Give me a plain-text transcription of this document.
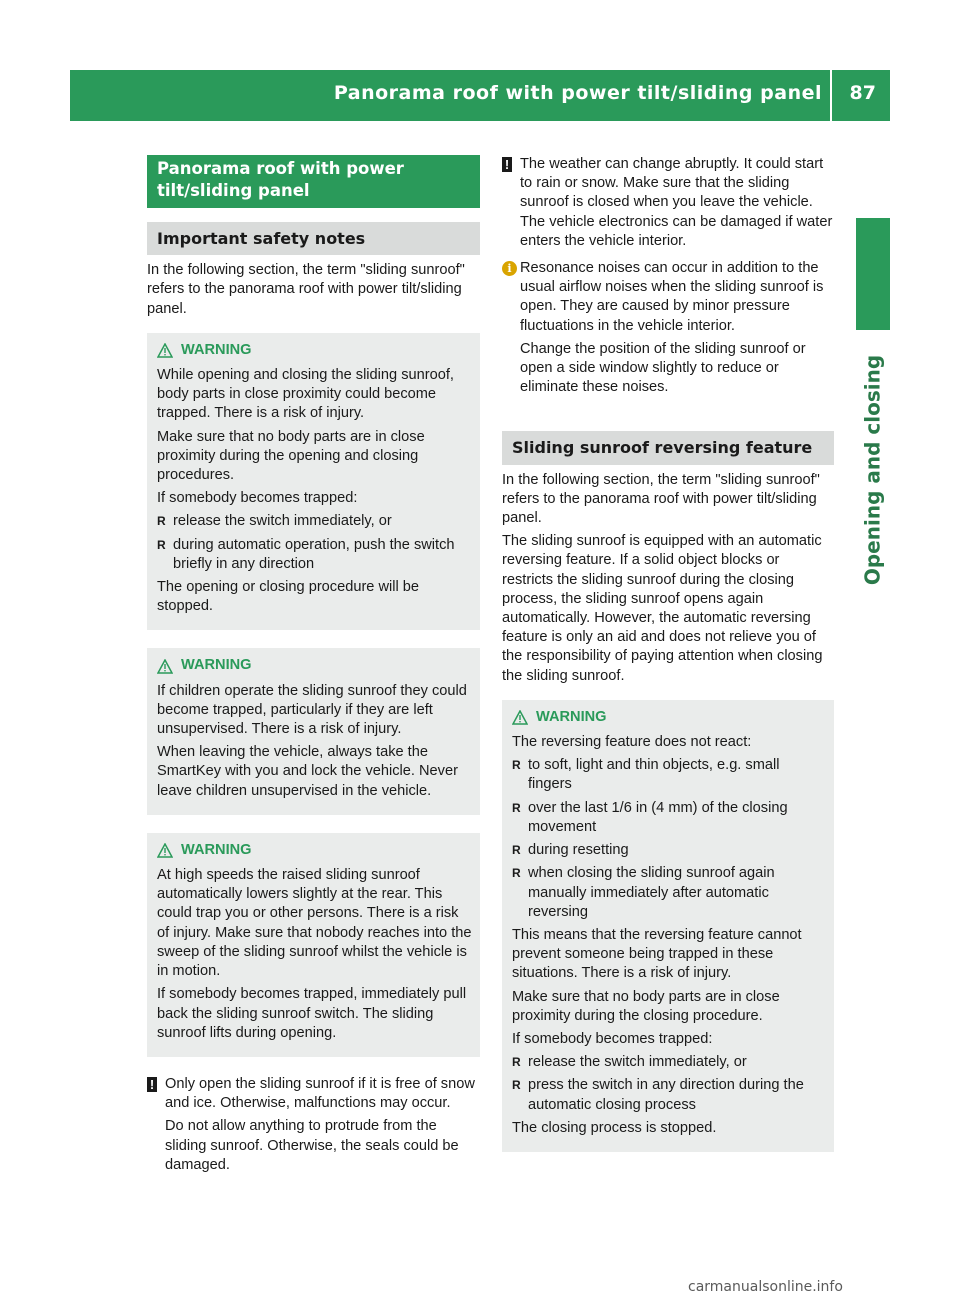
Panorama roof with power tilt/sliding panel 87
Opening and closing
Panorama roof with power tilt/sliding panel
Important safety notes

In the following section, the term "sliding sunroof" refers to the panorama roof with power tilt/sliding panel.

WARNING

While opening and closing the sliding sunroof, body parts in close proximity could become trapped. There is a risk of injury.

Make sure that no body parts are in close proximity during the opening and closing procedures.

If somebody becomes trapped:

R release the switch immediately, or
R during automatic operation, push the switch briefly in any direction

The opening or closing procedure will be stopped.

WARNING

If children operate the sliding sunroof they could become trapped, particularly if they are left unsupervised. There is a risk of injury.

When leaving the vehicle, always take the SmartKey with you and lock the vehicle. Never leave children unsupervised in the vehicle.

WARNING

At high speeds the raised sliding sunroof automatically lowers slightly at the rear. This could trap you or other persons. There is a risk of injury. Make sure that nobody reaches into the sweep of the sliding sunroof whilst the vehicle is in motion.

If somebody becomes trapped, immediately pull back the sliding sunroof switch. The sliding sunroof lifts during opening.

! Only open the sliding sunroof if it is free of snow and ice. Otherwise, malfunctions may occur.

Do not allow anything to protrude from the sliding sunroof. Otherwise, the seals could be damaged.

! The weather can change abruptly. It could start to rain or snow. Make sure that the sliding sunroof is closed when you leave the vehicle. The vehicle electronics can be damaged if water enters the vehicle interior.

i Resonance noises can occur in addition to the usual airflow noises when the sliding sunroof is open. They are caused by minor pressure fluctuations in the vehicle interior.

Change the position of the sliding sunroof or open a side window slightly to reduce or eliminate these noises.

Sliding sunroof reversing feature

In the following section, the term "sliding sunroof" refers to the panorama roof with power tilt/sliding panel.

The sliding sunroof is equipped with an automatic reversing feature. If a solid object blocks or restricts the sliding sunroof during the closing process, the sliding sunroof opens again automatically. However, the automatic reversing feature is only an aid and does not relieve you of the responsibility of paying attention when closing the sliding sunroof.

WARNING

The reversing feature does not react:

R to soft, light and thin objects, e.g. small fingers
R over the last 1/6 in (4 mm) of the closing movement
R during resetting
R when closing the sliding sunroof again manually immediately after automatic reversing

This means that the reversing feature cannot prevent someone being trapped in these situations. There is a risk of injury.

Make sure that no body parts are in close proximity during the closing procedure.

If somebody becomes trapped:

R release the switch immediately, or
R press the switch in any direction during the automatic closing process

The closing process is stopped.

carmanualsonline.info
